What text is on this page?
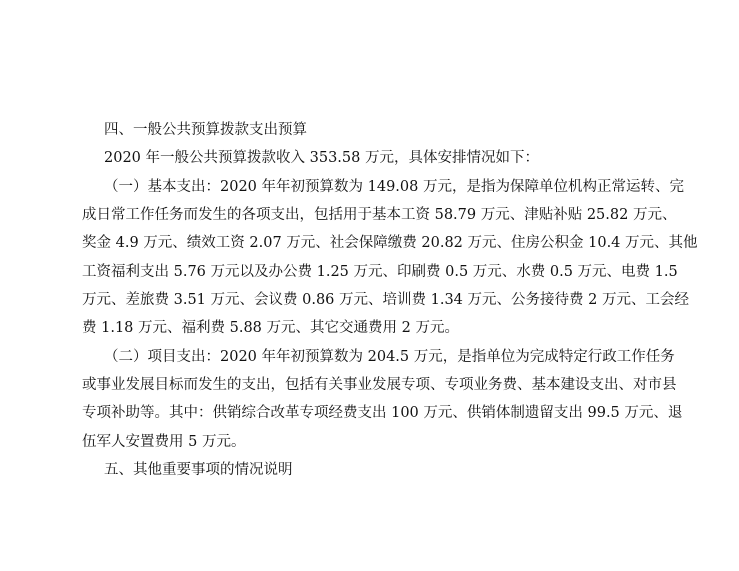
四、一般公共预算拨款支出预算
2020 年一般公共预算拨款收入 353.58 万元，具体安排情况如下：
（一）基本支出：2020 年年初预算数为 149.08 万元，是指为保障单位机构正常运转、完
成日常工作任务而发生的各项支出，包括用于基本工资 58.79 万元、津贴补贴 25.82 万元、
奖金 4.9 万元、绩效工资 2.07 万元、社会保障缴费 20.82 万元、住房公积金 10.4 万元、其他
工资福利支出 5.76 万元以及办公费 1.25 万元、印刷费 0.5 万元、水费 0.5 万元、电费 1.5
万元、差旅费 3.51 万元、会议费 0.86 万元、培训费 1.34 万元、公务接待费 2 万元、工会经
费 1.18 万元、福利费 5.88 万元、其它交通费用 2 万元。
（二）项目支出：2020 年年初预算数为 204.5 万元，是指单位为完成特定行政工作任务
或事业发展目标而发生的支出，包括有关事业发展专项、专项业务费、基本建设支出、对市县
专项补助等。其中：供销综合改革专项经费支出 100 万元、供销体制遗留支出 99.5 万元、退
伍军人安置费用 5 万元。
五、其他重要事项的情况说明
